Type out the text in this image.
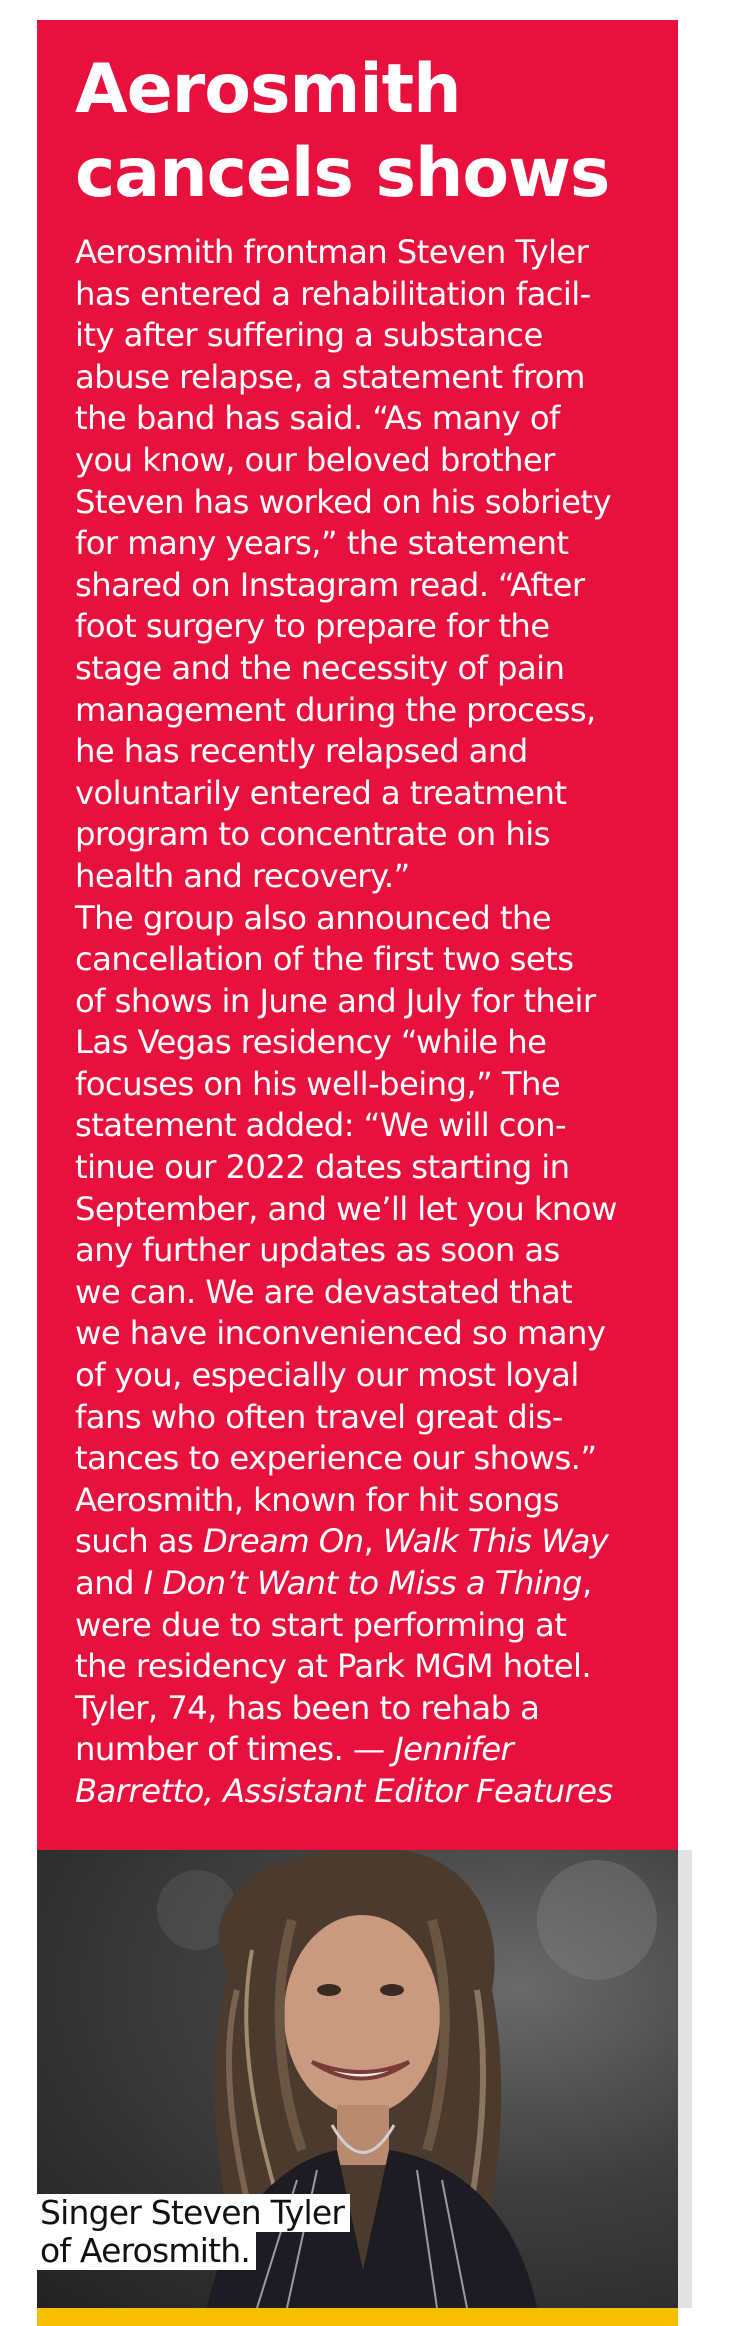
Aerosmith
cancels shows
Aerosmith frontman Steven Tyler
has entered a rehabilitation facil-
ity after suffering a substance
abuse relapse, a statement from
the band has said. “As many of
you know, our beloved brother
Steven has worked on his sobriety
for many years,” the statement
shared on Instagram read. “After
foot surgery to prepare for the
stage and the necessity of pain
management during the process,
he has recently relapsed and
voluntarily entered a treatment
program to concentrate on his
health and recovery.”
The group also announced the
cancellation of the first two sets
of shows in June and July for their
Las Vegas residency “while he
focuses on his well-being,” The
statement added: “We will con-
tinue our 2022 dates starting in
September, and we’ll let you know
any further updates as soon as
we can. We are devastated that
we have inconvenienced so many
of you, especially our most loyal
fans who often travel great dis-
tances to experience our shows.”
Aerosmith, known for hit songs
such as Dream On, Walk This Way
and I Don’t Want to Miss a Thing,
were due to start performing at
the residency at Park MGM hotel.
Tyler, 74, has been to rehab a
number of times. — Jennifer
Barretto, Assistant Editor Features
Singer Steven Tyler
of Aerosmith.
